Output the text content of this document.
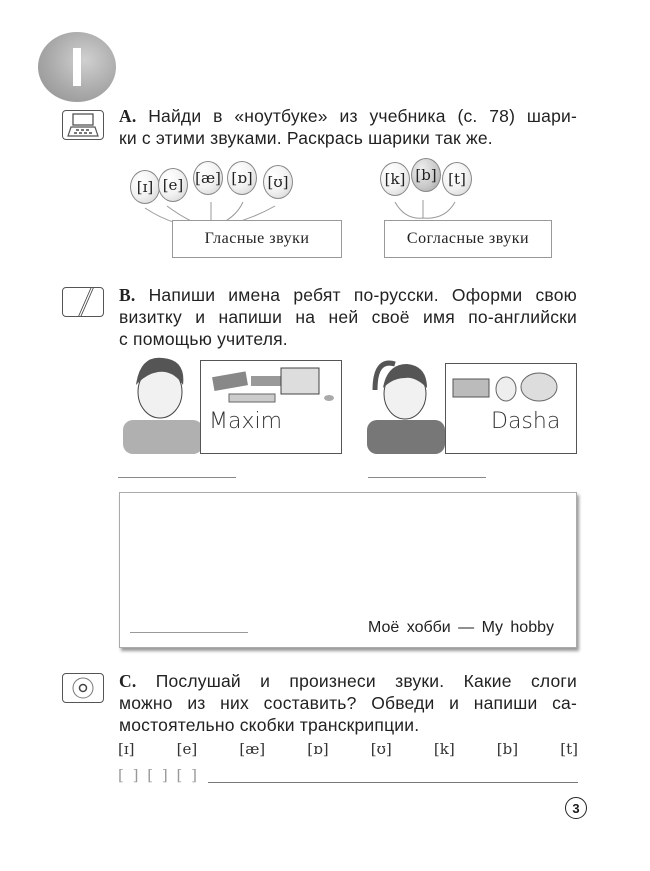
A. Найди в «ноутбуке» из учебника (с. 78) шари-
ки с этими звуками. Раскрась шарики так же.
[ɪ] [e] [æ] [ɒ] [ʊ]
Гласные звуки
[k] [b] [t]
Согласные звуки
B. Напиши имена ребят по-русски. Оформи свою
визитку и напиши на ней своё имя по-английски
с помощью учителя.
Maxim	Dasha
Моё хобби — My hobby
C. Послушай и произнеси звуки. Какие слоги
можно из них составить? Обведи и напиши са-
мостоятельно скобки транскрипции.
[ɪ]	[e]	[æ]	[ɒ]	[ʊ]	[k]	[b]	[t]
[ ] [ ] [ ]
3
